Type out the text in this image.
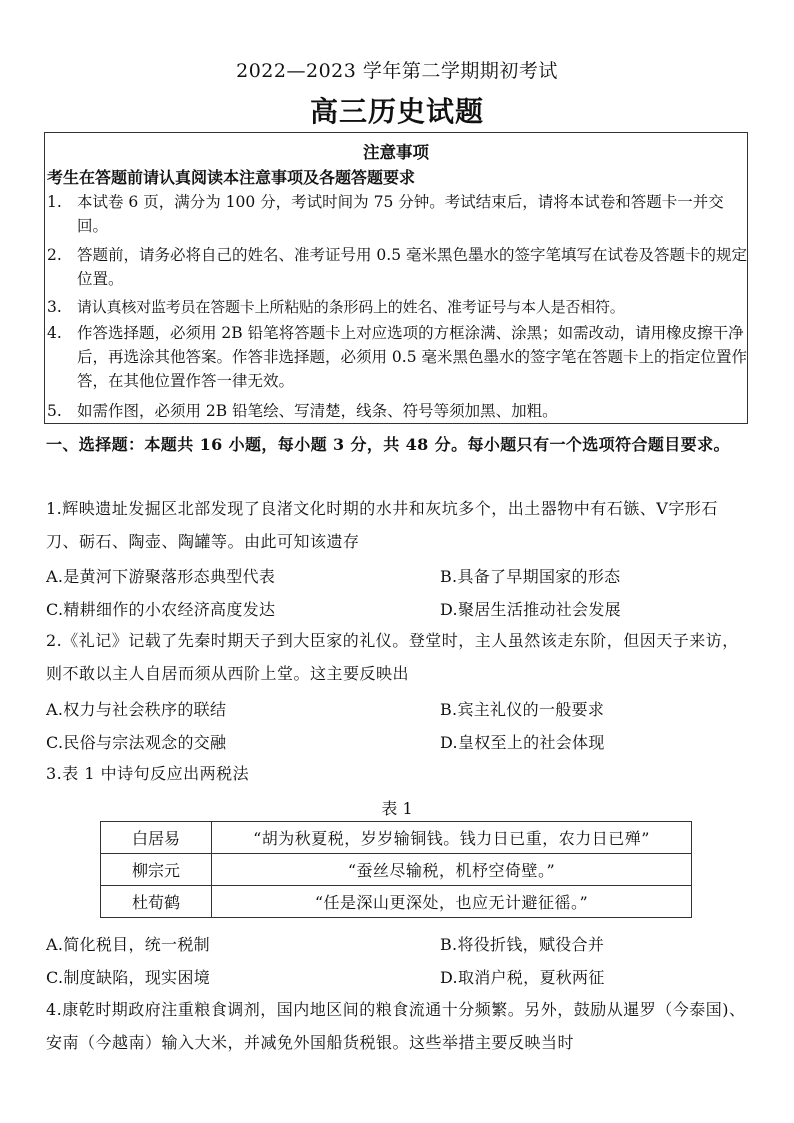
2022—2023 学年第二学期期初考试
高三历史试题
注意事项
考生在答题前请认真阅读本注意事项及各题答题要求
1. 本试卷 6 页，满分为 100 分，考试时间为 75 分钟。考试结束后，请将本试卷和答题卡一并交回。
2. 答题前，请务必将自己的姓名、准考证号用 0.5 毫米黑色墨水的签字笔填写在试卷及答题卡的规定位置。
3.	请认真核对监考员在答题卡上所粘贴的条形码上的姓名、准考证号与本人是否相符。
4. 作答选择题，必须用 2B 铅笔将答题卡上对应选项的方框涂满、涂黑；如需改动，请用橡皮擦干净后，再选涂其他答案。作答非选择题，必须用 0.5 毫米黑色墨水的签字笔在答题卡上的指定位置作答，在其他位置作答一律无效。
5. 如需作图，必须用 2B 铅笔绘、写清楚，线条、符号等须加黑、加粗。
一、选择题：本题共 16 小题，每小题 3 分，共 48 分。每小题只有一个选项符合题目要求。
1.辉映遗址发掘区北部发现了良渚文化时期的水井和灰坑多个，出土器物中有石镞、V字形石刀、砺石、陶壶、陶罐等。由此可知该遗存
A.是黄河下游聚落形态典型代表	B.具备了早期国家的形态
C.精耕细作的小农经济高度发达	D.聚居生活推动社会发展
2.《礼记》记载了先秦时期天子到大臣家的礼仪。登堂时，主人虽然该走东阶，但因天子来访，则不敢以主人自居而须从西阶上堂。这主要反映出
A.权力与社会秩序的联结	B.宾主礼仪的一般要求
C.民俗与宗法观念的交融	D.皇权至上的社会体现
3.表 1 中诗句反应出两税法
表 1
白居易	“胡为秋夏税，岁岁输铜钱。钱力日已重，农力日已殚”
柳宗元	“蚕丝尽输税，机杼空倚壁。”
杜荀鹤	“任是深山更深处，也应无计避征徭。”
A.简化税目，统一税制	B.将役折钱，赋役合并
C.制度缺陷，现实困境	D.取消户税，夏秋两征
4.康乾时期政府注重粮食调剂，国内地区间的粮食流通十分频繁。另外，鼓励从暹罗（今泰国)、安南（今越南）输入大米，并减免外国船货税银。这些举措主要反映当时
